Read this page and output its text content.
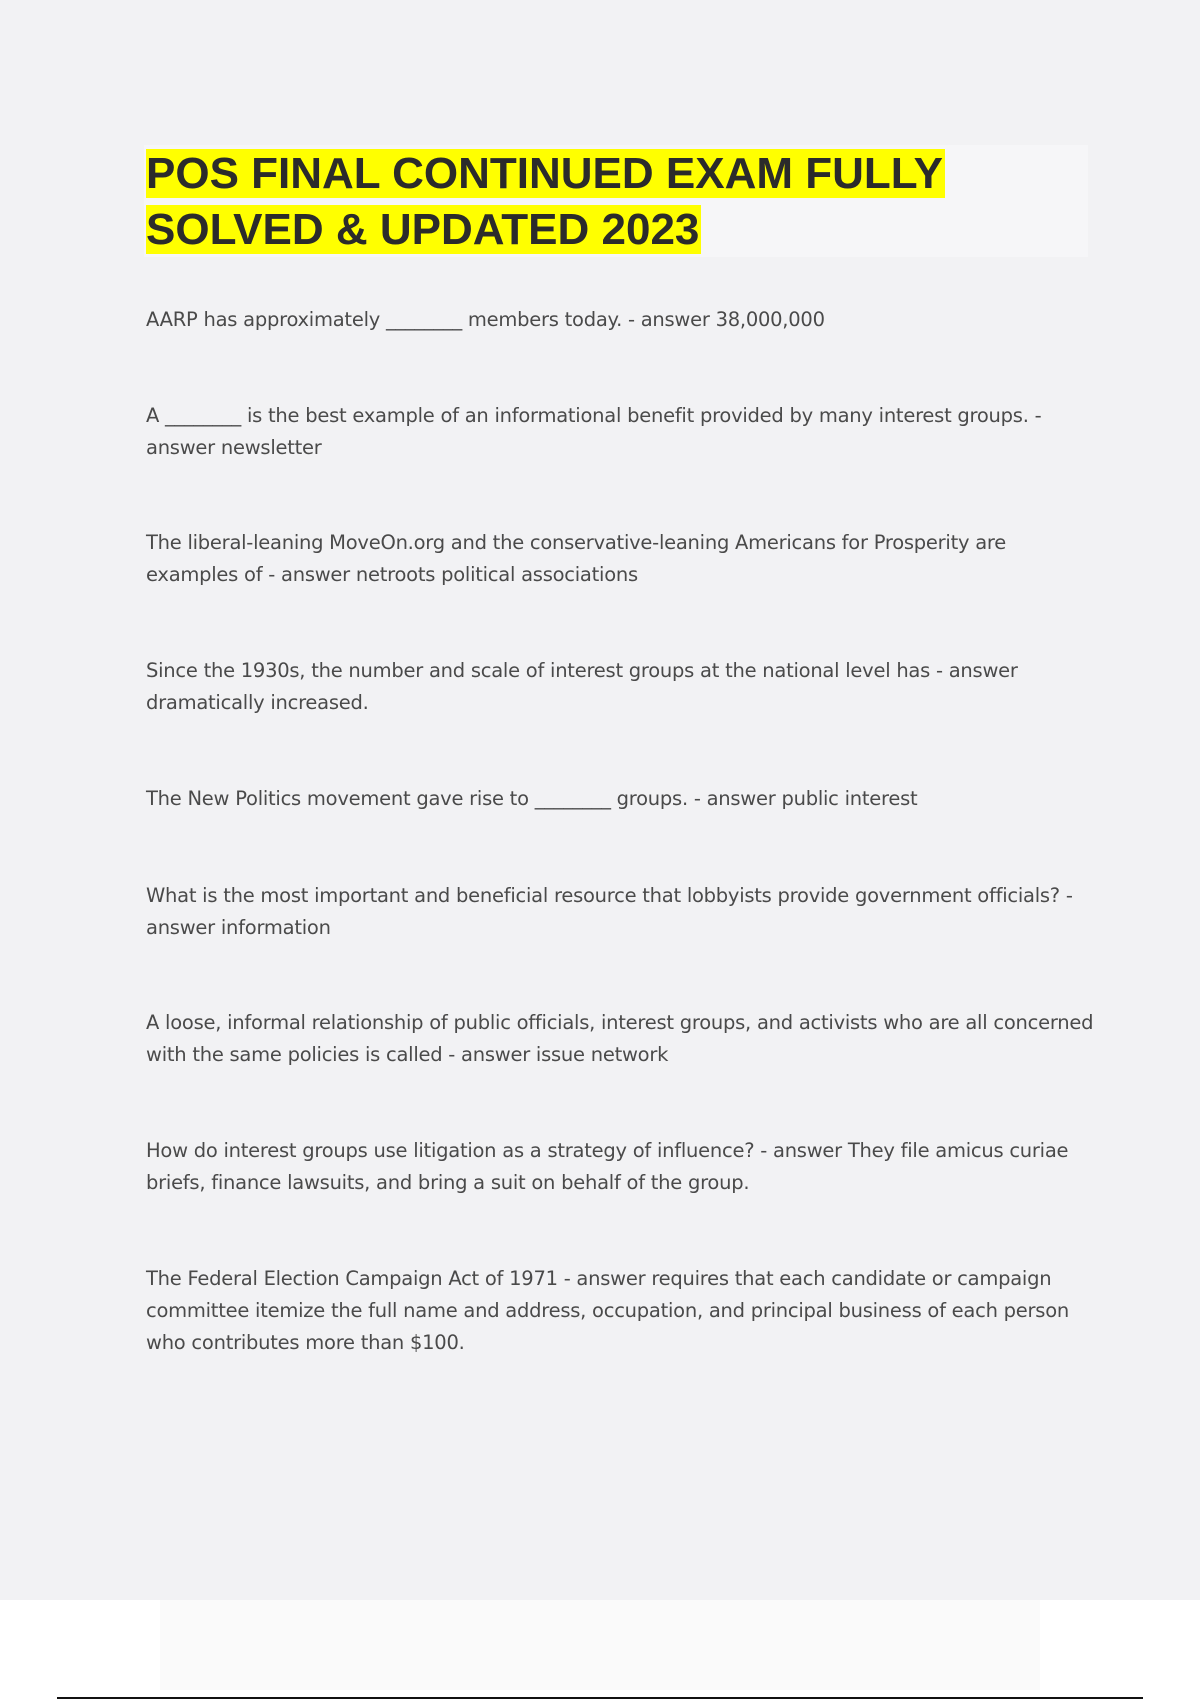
POS FINAL CONTINUED EXAM FULLY
SOLVED & UPDATED 2023

AARP has approximately ________ members today. - answer 38,000,000

A ________ is the best example of an informational benefit provided by many interest groups. - answer newsletter

The liberal-leaning MoveOn.org and the conservative-leaning Americans for Prosperity are examples of - answer netroots political associations

Since the 1930s, the number and scale of interest groups at the national level has - answer dramatically increased.

The New Politics movement gave rise to ________ groups. - answer public interest

What is the most important and beneficial resource that lobbyists provide government officials? - answer information

A loose, informal relationship of public officials, interest groups, and activists who are all concerned with the same policies is called - answer issue network

How do interest groups use litigation as a strategy of influence? - answer They file amicus curiae briefs, finance lawsuits, and bring a suit on behalf of the group.

The Federal Election Campaign Act of 1971 - answer requires that each candidate or campaign committee itemize the full name and address, occupation, and principal business of each person who contributes more than $100.
